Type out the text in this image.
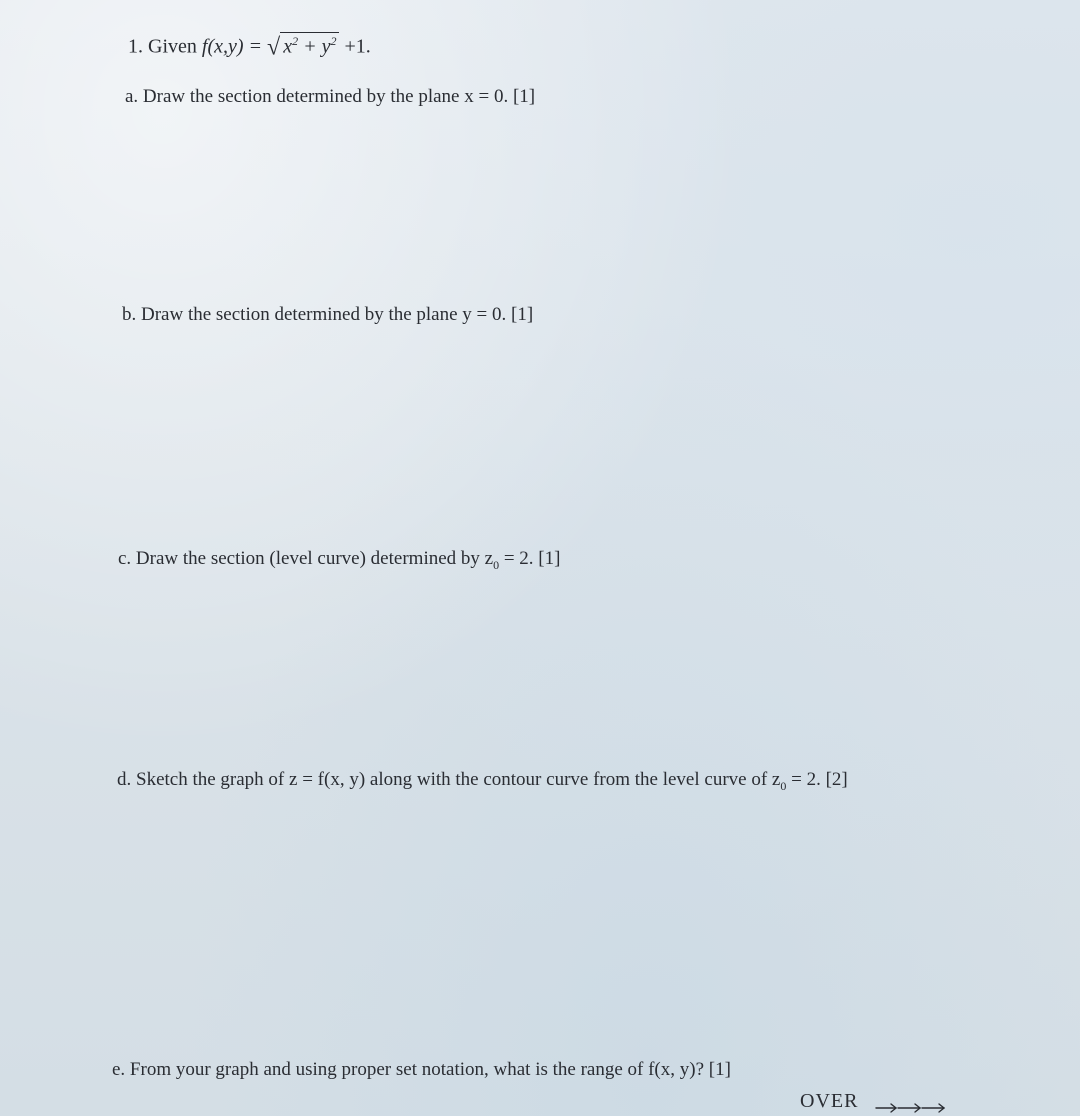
1. Given f(x,y) = √ $x^2 + y^2 +1$.
a. Draw the section determined by the plane x = 0. [1]
b. Draw the section determined by the plane y = 0. [1]
c. Draw the section (level curve) determined by $z_0 = 2$. [1]
d. Sketch the graph of z = f(x, y) along with the contour curve from the level curve of $z_0 = 2$. [2]
e. From your graph and using proper set notation, what is the range of f(x, y)? [1]
OVER
